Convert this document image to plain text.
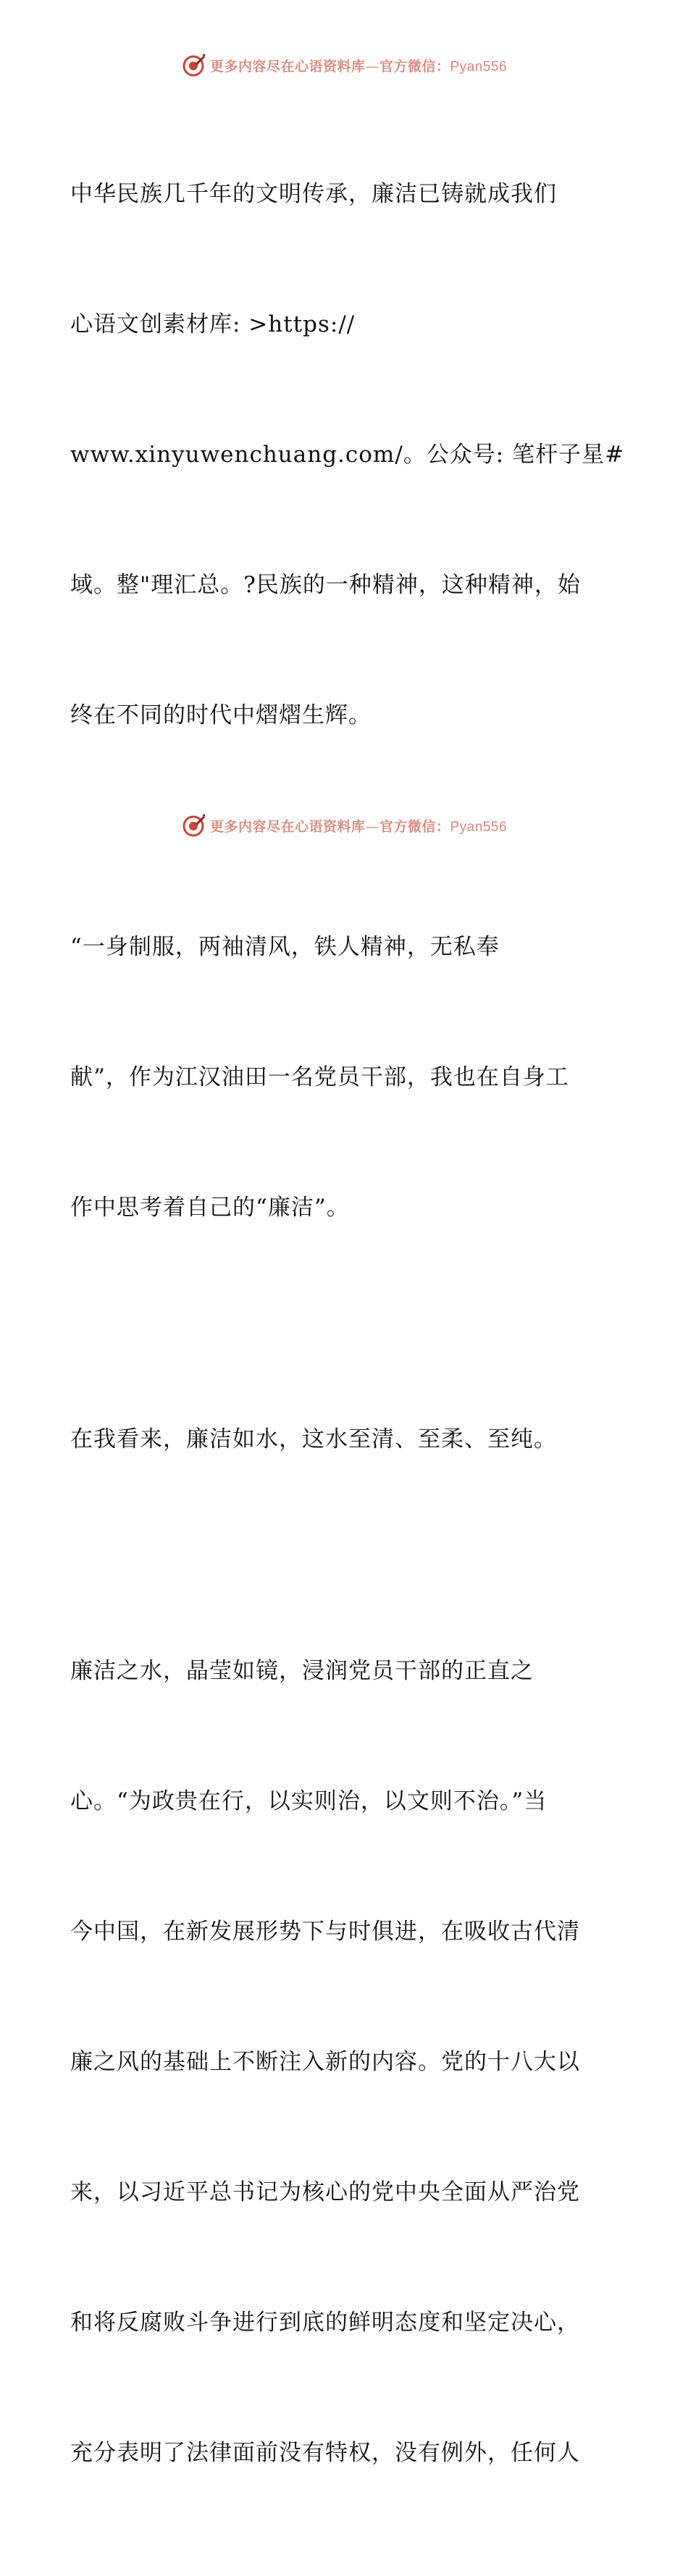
更多内容尽在心语资料库—官方微信：Pyan556

中华民族几千年的文明传承，廉洁已铸就成我们

心语文创素材库: >https://

www.xinyuwenchuang.com/。公众号: 笔杆子星#

域。整"理汇总。?民族的一种精神，这种精神，始

终在不同的时代中熠熠生辉。

“一身制服，两袖清风，铁人精神，无私奉

献”，作为江汉油田一名党员干部，我也在自身工

作中思考着自己的“廉洁”。

在我看来，廉洁如水，这水至清、至柔、至纯。

廉洁之水，晶莹如镜，浸润党员干部的正直之

心。“为政贵在行，以实则治，以文则不治。”当

今中国，在新发展形势下与时俱进，在吸收古代清

廉之风的基础上不断注入新的内容。党的十八大以

来，以习近平总书记为核心的党中央全面从严治党

和将反腐败斗争进行到底的鲜明态度和坚定决心，

充分表明了法律面前没有特权，没有例外，任何人

更多内容尽在心语资料库—官方微信：Pyan556
